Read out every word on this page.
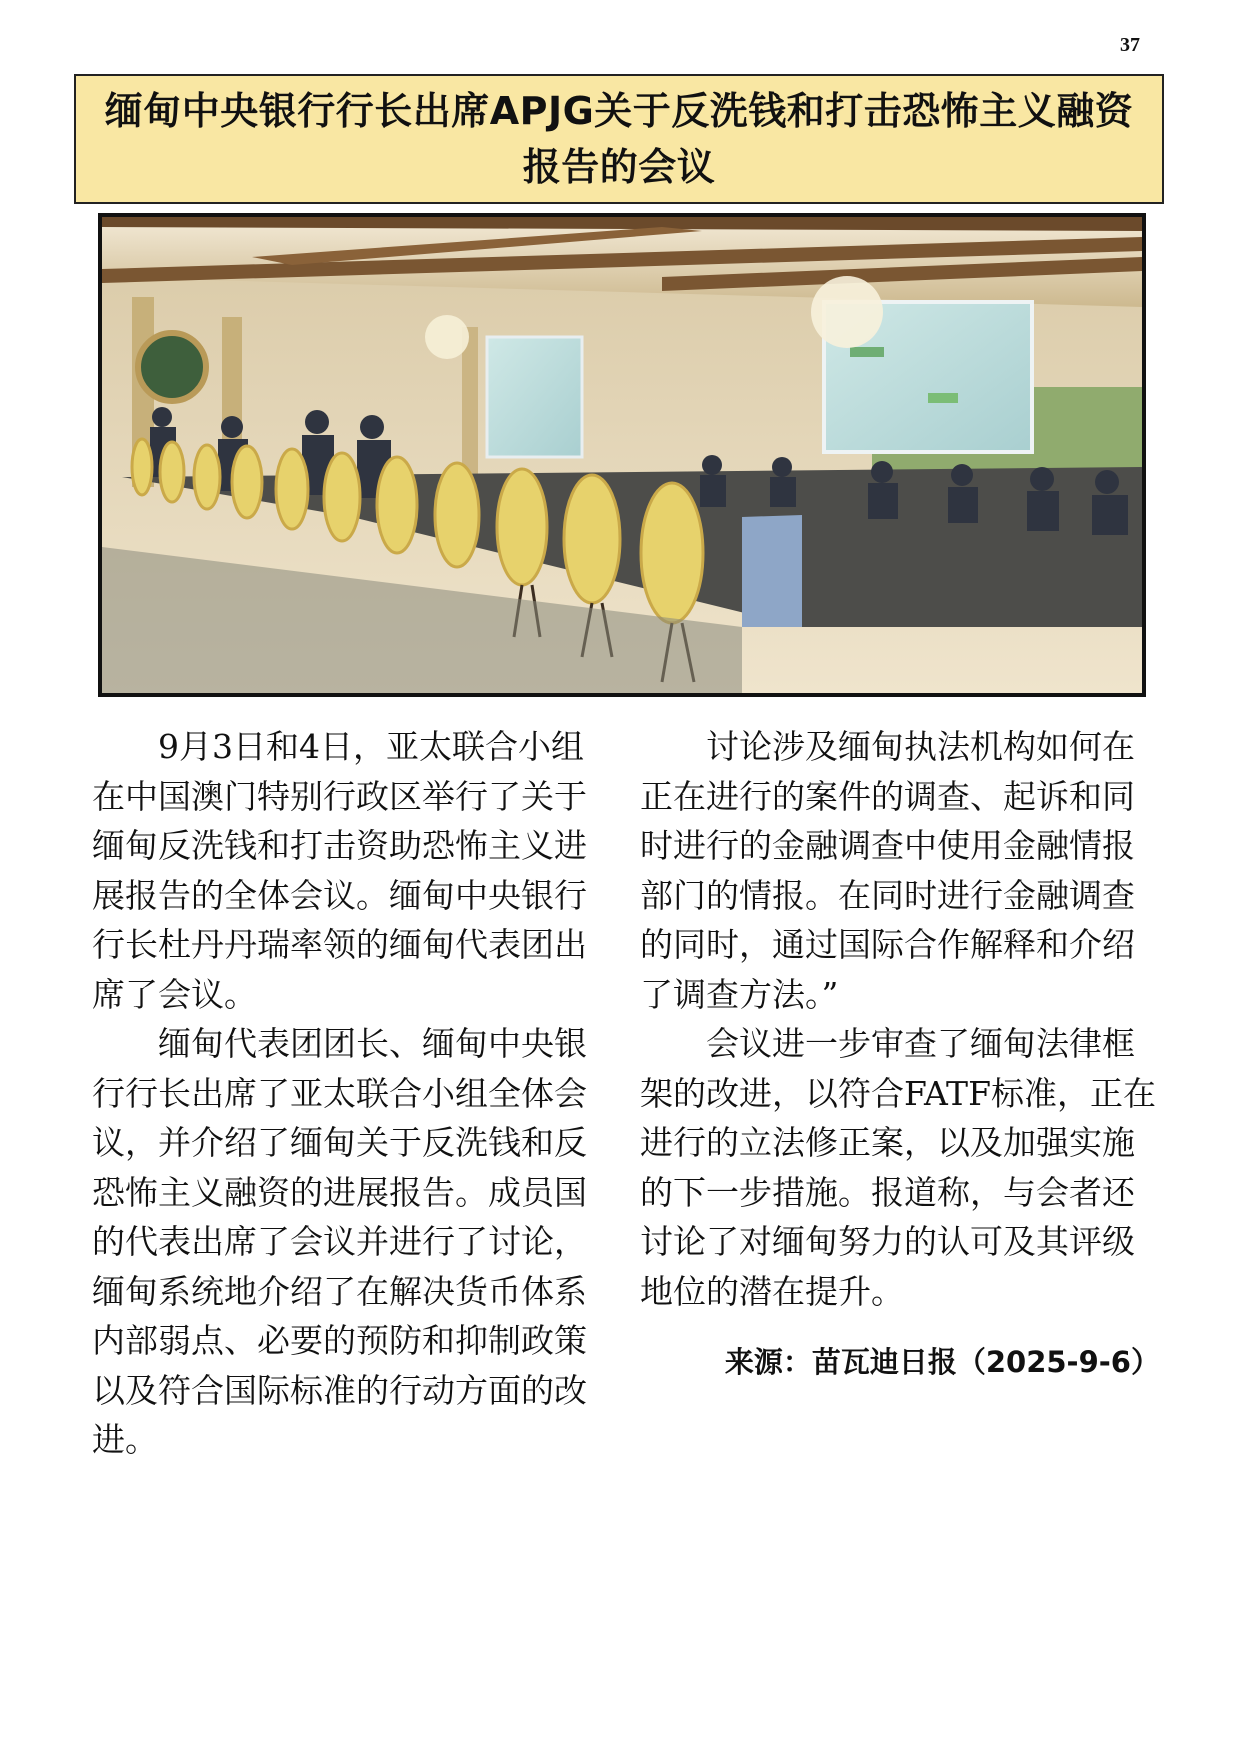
37
缅甸中央银行行长出席APJG关于反洗钱和打击恐怖主义融资报告的会议

9月3日和4日，亚太联合小组在中国澳门特别行政区举行了关于缅甸反洗钱和打击资助恐怖主义进展报告的全体会议。缅甸中央银行行长杜丹丹瑞率领的缅甸代表团出席了会议。

缅甸代表团团长、缅甸中央银行行长出席了亚太联合小组全体会议，并介绍了缅甸关于反洗钱和反恐怖主义融资的进展报告。成员国的代表出席了会议并进行了讨论，缅甸系统地介绍了在解决货币体系内部弱点、必要的预防和抑制政策以及符合国际标准的行动方面的改进。

讨论涉及缅甸执法机构如何在正在进行的案件的调查、起诉和同时进行的金融调查中使用金融情报部门的情报。在同时进行金融调查的同时，通过国际合作解释和介绍了调查方法。”

会议进一步审查了缅甸法律框架的改进，以符合FATF标准，正在进行的立法修正案，以及加强实施的下一步措施。报道称，与会者还讨论了对缅甸努力的认可及其评级地位的潜在提升。

来源：苗瓦迪日报（2025-9-6）
